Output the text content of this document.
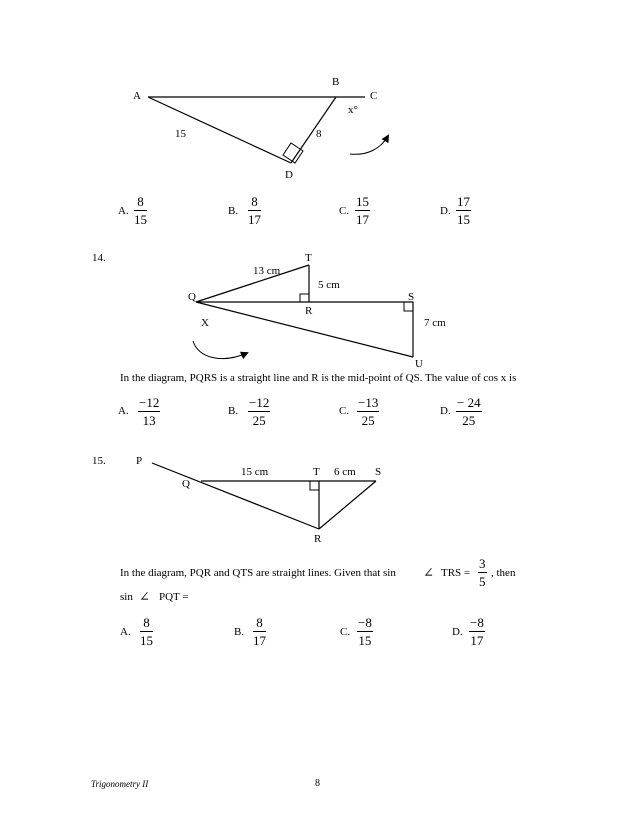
A
B
C
D
x°
15	8
A. $\frac{8}{15}$	B. $\frac{8}{17}$	C. $\frac{15}{17}$	D. $\frac{17}{15}$
14.	T
13 cm
5 cm
Q
R
S
X	7 cm
U
In the diagram, PQRS is a straight line and R is the mid-point of QS. The value of cos x is
A. $\frac{-12}{13}$	B. $\frac{-12}{25}$	C. $\frac{-13}{25}$	D. $\frac{- 24}{25}$
15.	P
15 cm	T 6 cm S
Q
R
In the diagram, PQR and QTS are straight lines. Given that sin ∠ TRS = $\frac{3}{5}$ , then
sin ∠ PQT =
A. $\frac{8}{15}$	B. $\frac{8}{17}$	C. $\frac{-8}{15}$	D. $\frac{-8}{17}$
Trigonometry II	8
